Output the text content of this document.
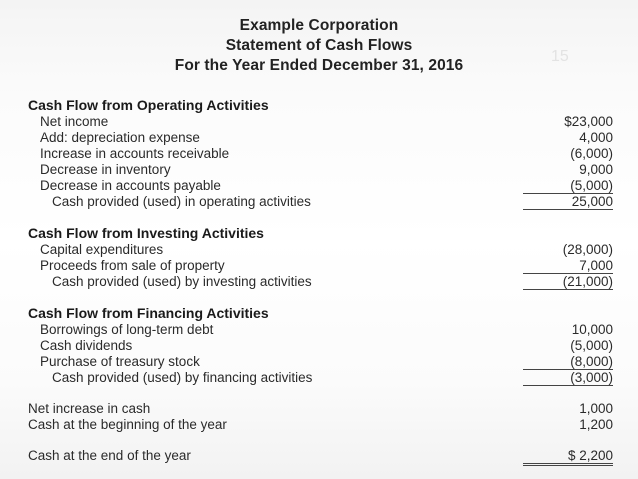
Example Corporation
Statement of Cash Flows
For the Year Ended December 31, 2016
15
Cash Flow from Operating Activities
Net income	$23,000
Add: depreciation expense	4,000
Increase in accounts receivable	(6,000)
Decrease in inventory	9,000
Decrease in accounts payable	(5,000)
Cash provided (used) in operating activities	25,000
Cash Flow from Investing Activities
Capital expenditures	(28,000)
Proceeds from sale of property	7,000
Cash provided (used) by investing activities	(21,000)
Cash Flow from Financing Activities
Borrowings of long-term debt	10,000
Cash dividends	(5,000)
Purchase of treasury stock	(8,000)
Cash provided (used) by financing activities	(3,000)
Net increase in cash	1,000
Cash at the beginning of the year	1,200
Cash at the end of the year	$ 2,200
